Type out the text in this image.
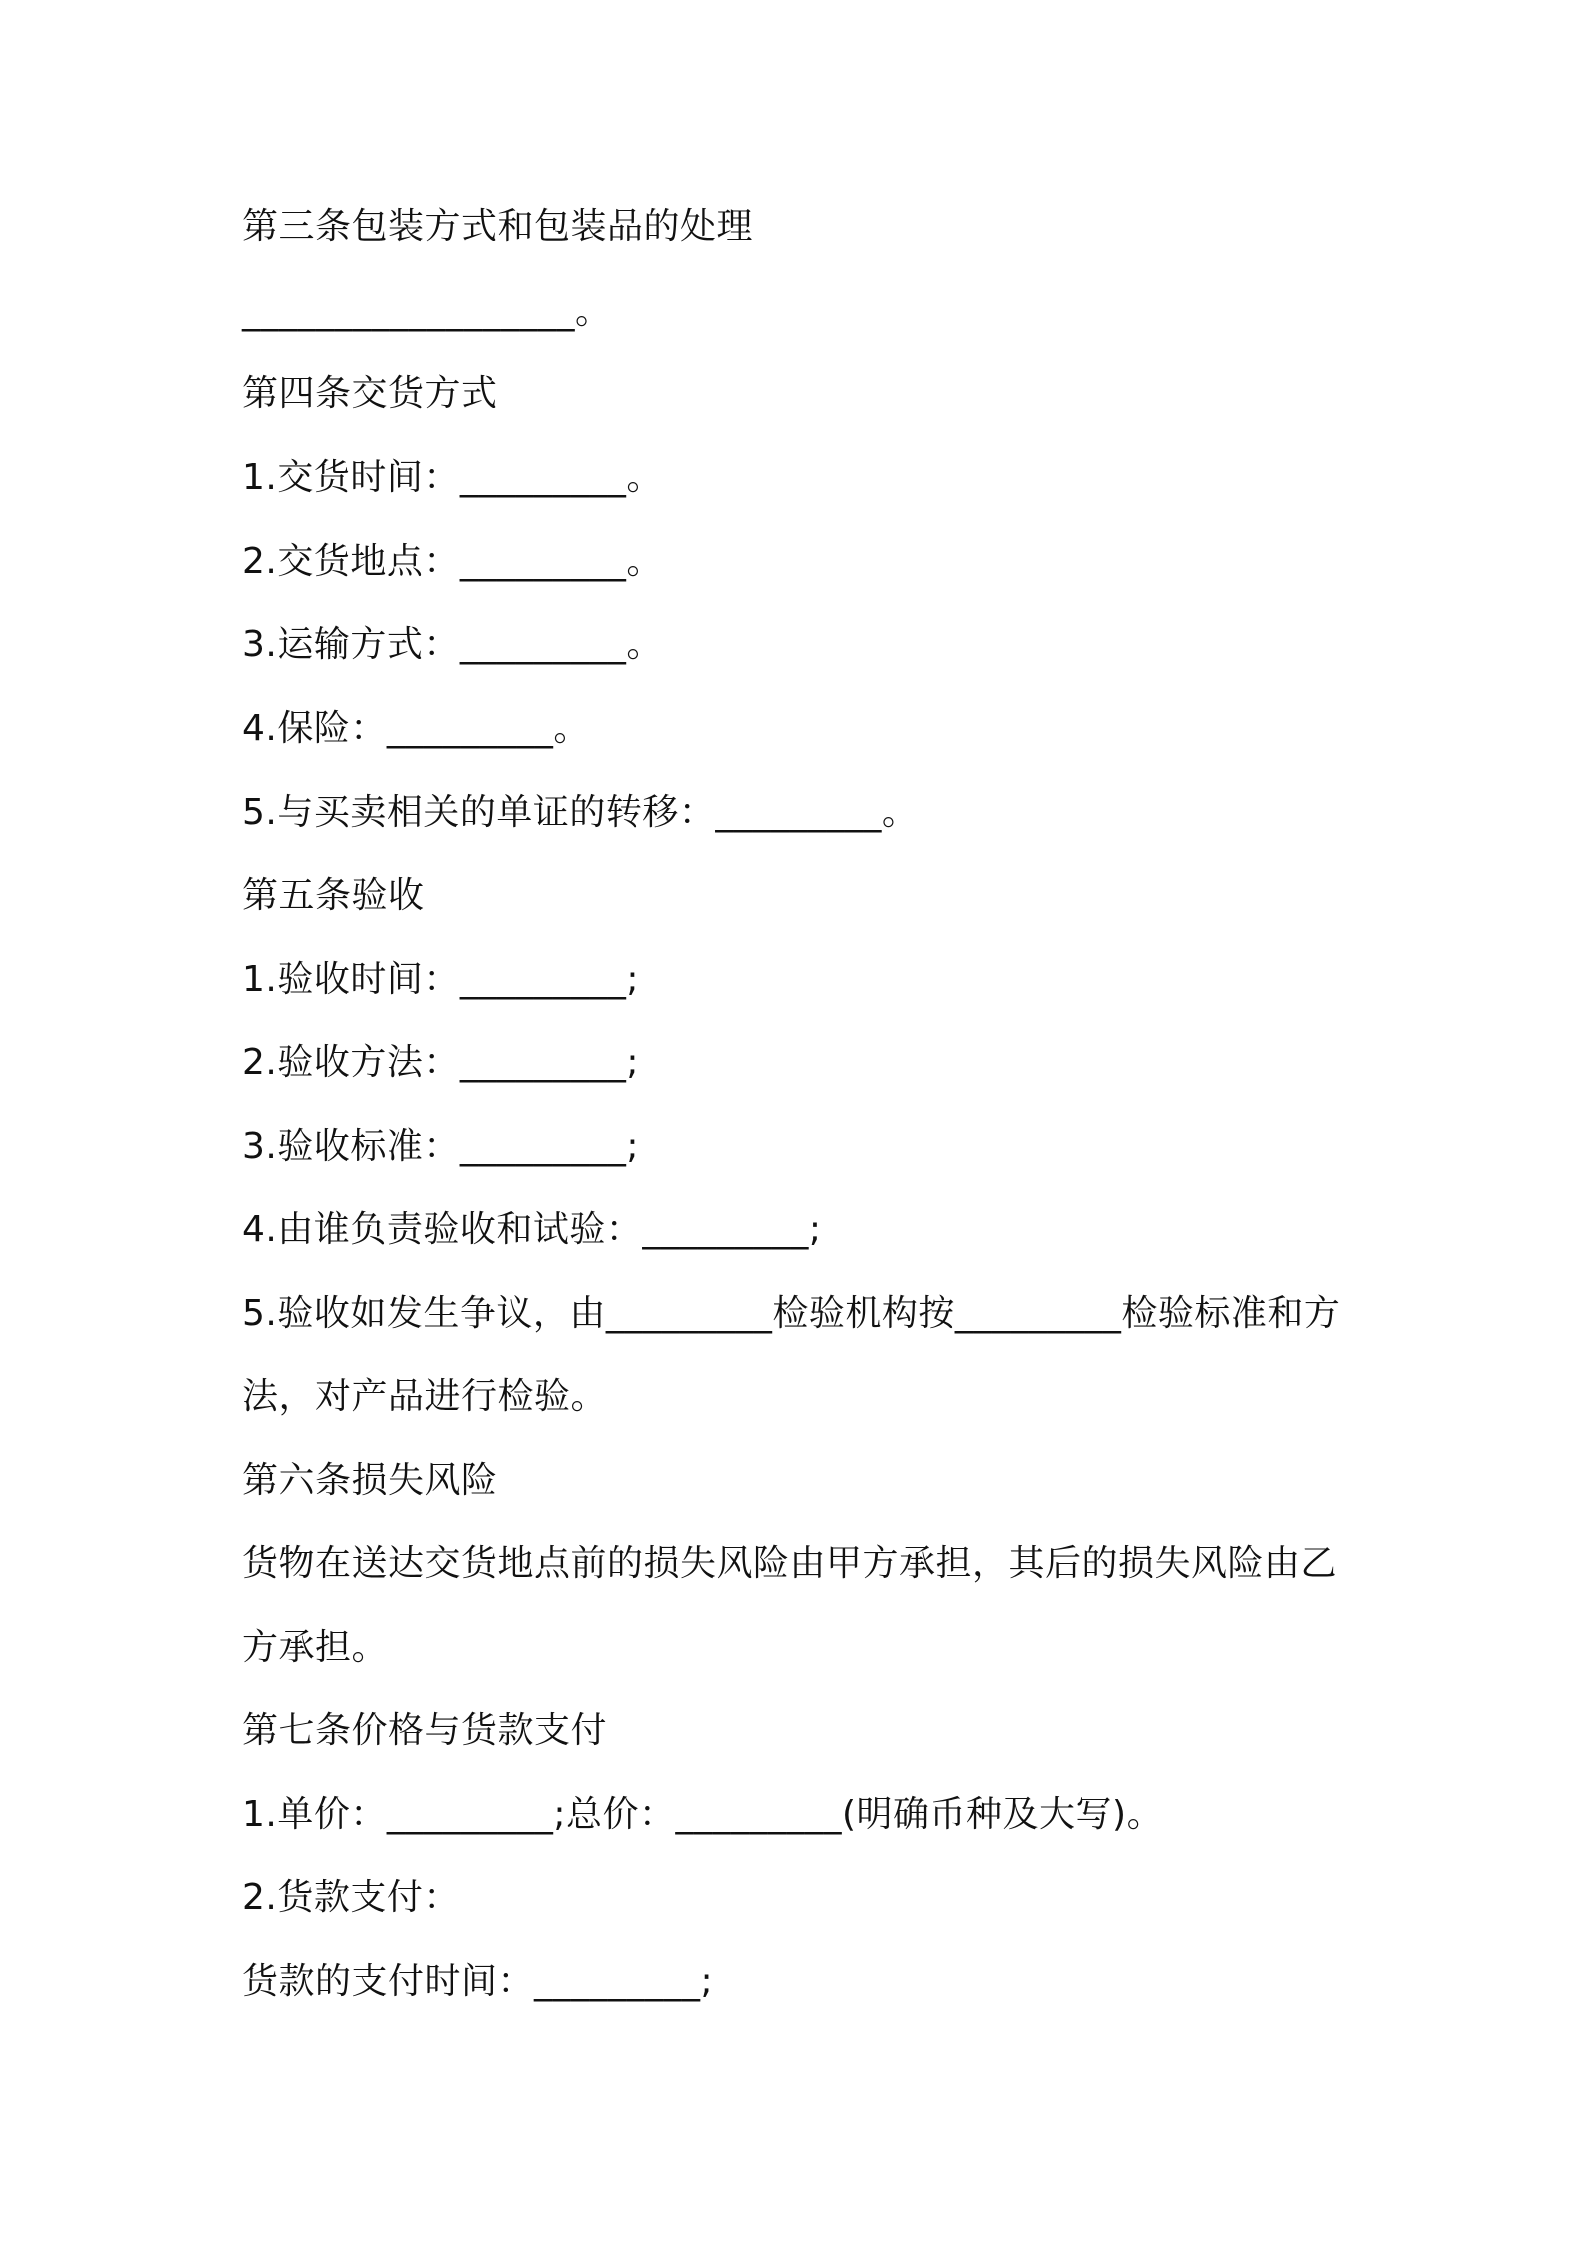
第三条包装方式和包装品的处理
__________________。
第四条交货方式
1.交货时间：_________。
2.交货地点：_________。
3.运输方式：_________。
4.保险：_________。
5.与买卖相关的单证的转移：_________。
第五条验收
1.验收时间：_________;
2.验收方法：_________;
3.验收标准：_________;
4.由谁负责验收和试验：_________;
5.验收如发生争议，由_________检验机构按_________检验标准和方
法，对产品进行检验。
第六条损失风险
货物在送达交货地点前的损失风险由甲方承担，其后的损失风险由乙
方承担。
第七条价格与货款支付
1.单价：_________;总价：_________(明确币种及大写)。
2.货款支付：
货款的支付时间：_________;
